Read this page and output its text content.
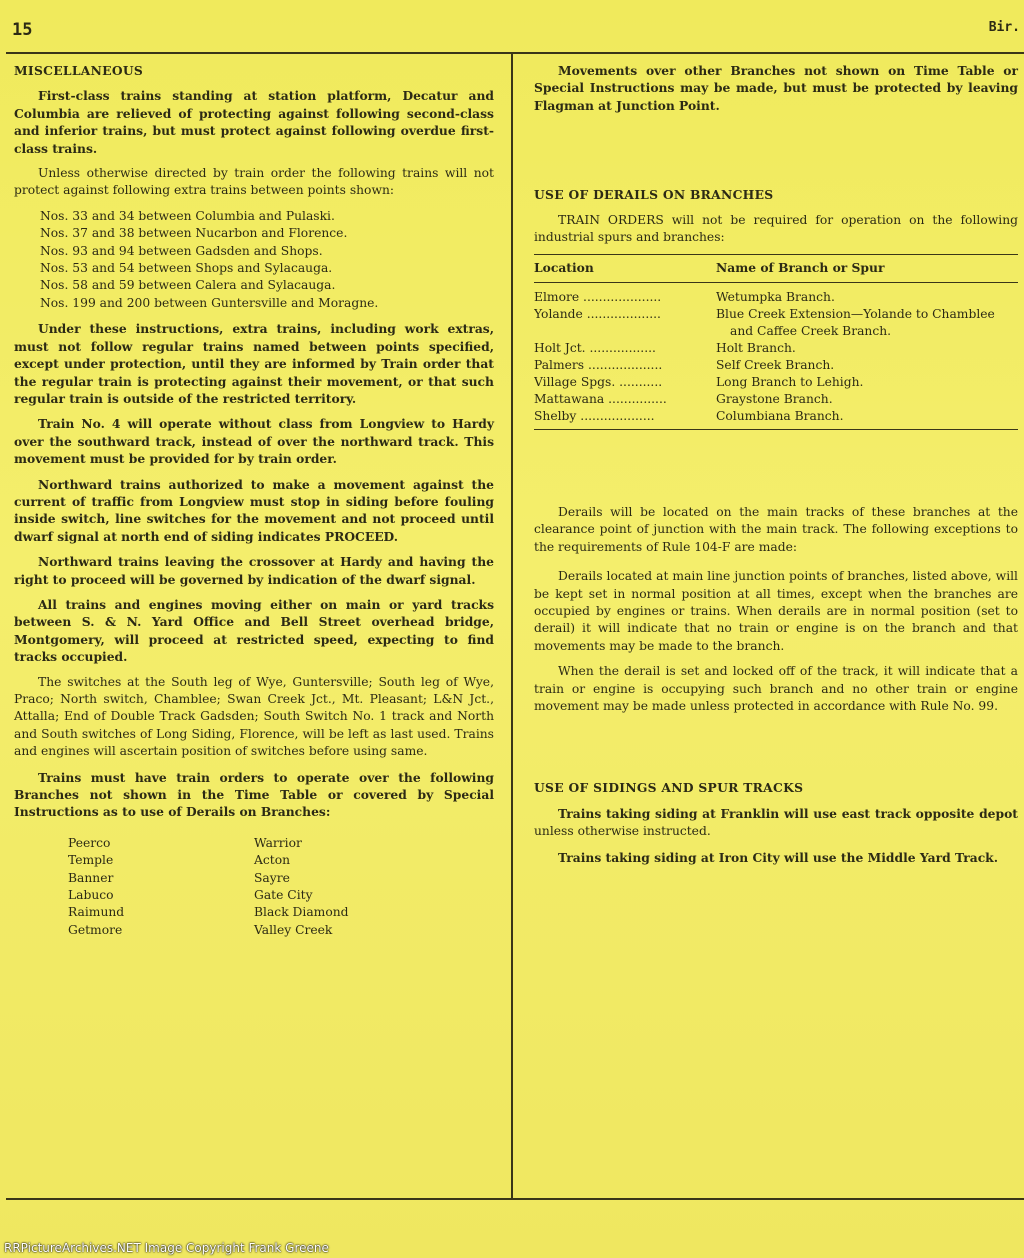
15	Bir.
MISCELLANEOUS

First-class trains standing at station platform, Decatur and Columbia are relieved of protecting against following second-class and inferior trains, but must protect against following overdue first-class trains.

Unless otherwise directed by train order the following trains will not protect against following extra trains between points shown:

Nos. 33 and 34 between Columbia and Pulaski.
Nos. 37 and 38 between Nucarbon and Florence.
Nos. 93 and 94 between Gadsden and Shops.
Nos. 53 and 54 between Shops and Sylacauga.
Nos. 58 and 59 between Calera and Sylacauga.
Nos. 199 and 200 between Guntersville and Moragne.

Under these instructions, extra trains, including work extras, must not follow regular trains named between points specified, except under protection, until they are informed by Train order that the regular train is protecting against their movement, or that such regular train is outside of the restricted territory.

Train No. 4 will operate without class from Longview to Hardy over the southward track, instead of over the northward track. This movement must be provided for by train order.

Northward trains authorized to make a movement against the current of traffic from Longview must stop in siding before fouling inside switch, line switches for the movement and not proceed until dwarf signal at north end of siding indicates PROCEED.

Northward trains leaving the crossover at Hardy and having the right to proceed will be governed by indication of the dwarf signal.

All trains and engines moving either on main or yard tracks between S. & N. Yard Office and Bell Street overhead bridge, Montgomery, will proceed at restricted speed, expecting to find tracks occupied.

The switches at the South leg of Wye, Guntersville; South leg of Wye, Praco; North switch, Chamblee; Swan Creek Jct., Mt. Pleasant; L&N Jct., Attalla; End of Double Track Gadsden; South Switch No. 1 track and North and South switches of Long Siding, Florence, will be left as last used. Trains and engines will ascertain position of switches before using same.

Trains must have train orders to operate over the following Branches not shown in the Time Table or covered by Special Instructions as to use of Derails on Branches:

Peerco	Warrior
Temple	Acton
Banner	Sayre
Labuco	Gate City
Raimund	Black Diamond
Getmore	Valley Creek

Movements over other Branches not shown on Time Table or Special Instructions may be made, but must be protected by leaving Flagman at Junction Point.

USE OF DERAILS ON BRANCHES

TRAIN ORDERS will not be required for operation on the following industrial spurs and branches:

Location	Name of Branch or Spur

Elmore ....................	Wetumpka Branch.
Yolande ...................	Blue Creek Extension—Yolande to Chamblee
and Caffee Creek Branch.

Holt Jct. .................	Holt Branch.
Palmers ...................	Self Creek Branch.
Village Spgs. ...........	Long Branch to Lehigh.
Mattawana ...............	Graystone Branch.
Shelby ...................	Columbiana Branch.

Derails will be located on the main tracks of these branches at the clearance point of junction with the main track. The following exceptions to the requirements of Rule 104-F are made:

Derails located at main line junction points of branches, listed above, will be kept set in normal position at all times, except when the branches are occupied by engines or trains. When derails are in normal position (set to derail) it will indicate that no train or engine is on the branch and that movements may be made to the branch.

When the derail is set and locked off of the track, it will indicate that a train or engine is occupying such branch and no other train or engine movement may be made unless protected in accordance with Rule No. 99.

USE OF SIDINGS AND SPUR TRACKS

Trains taking siding at Franklin will use east track opposite depot unless otherwise instructed.

Trains taking siding at Iron City will use the Middle Yard Track.

RRPictureArchives.NET Image Copyright Frank Greene
